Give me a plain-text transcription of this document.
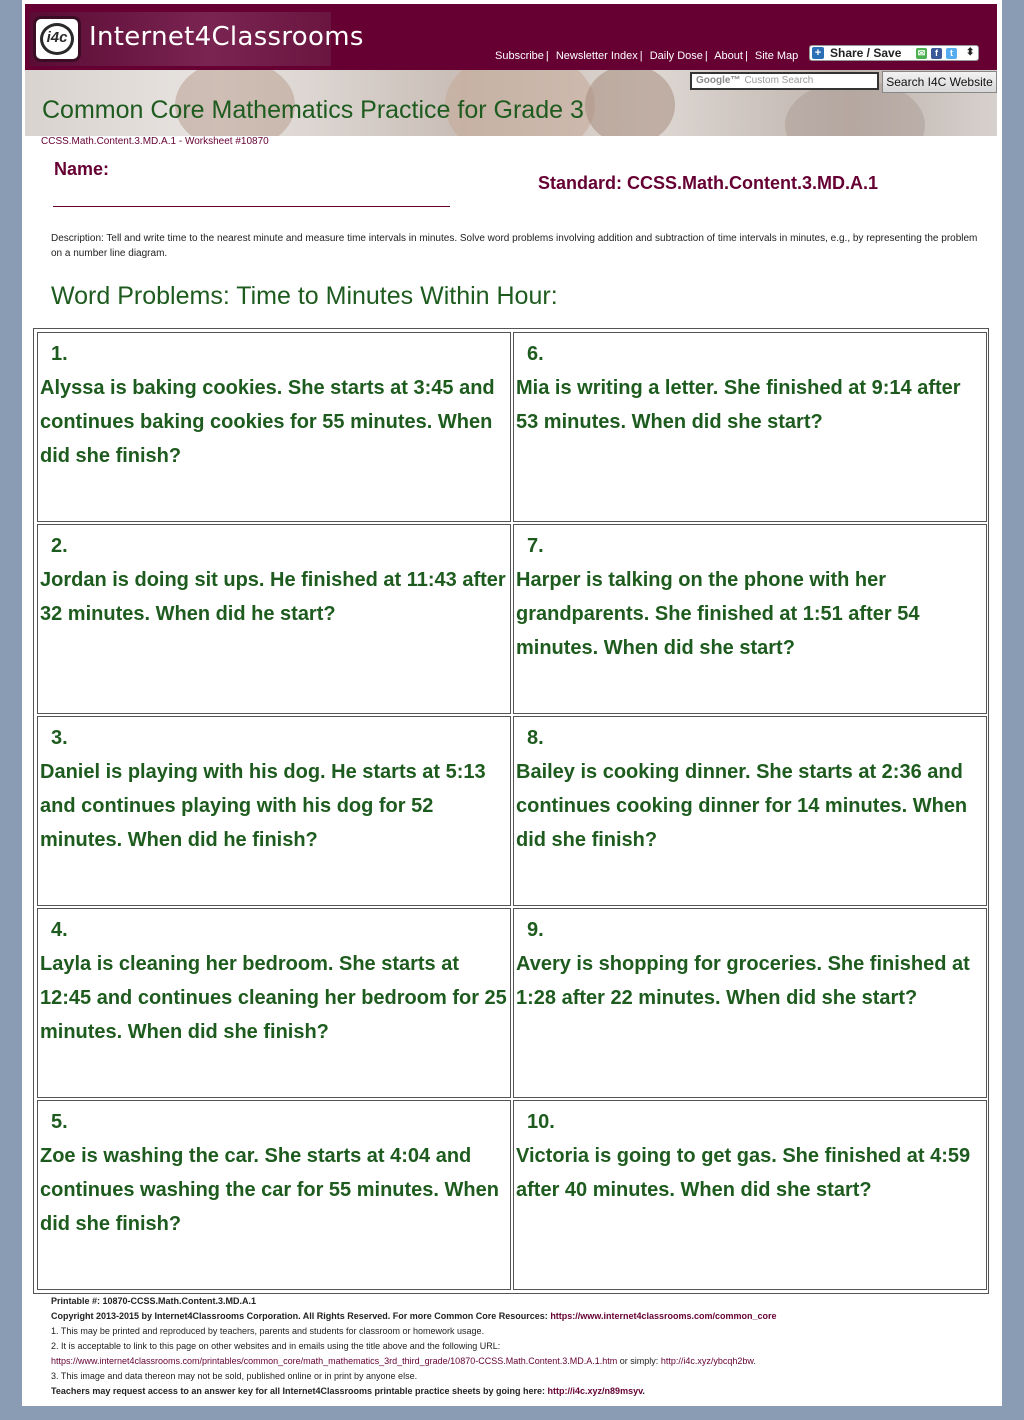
i4c Internet4Classrooms
Subscribe | Newsletter Index | Daily Dose | About | Site Map + Share / Save ✉	f	t	⬍
Google™ Custom Search	Search I4C Website
Common Core Mathematics Practice for Grade 3
CCSS.Math.Content.3.MD.A.1 - Worksheet #10870
Name:
Standard: CCSS.Math.Content.3.MD.A.1
Description: Tell and write time to the nearest minute and measure time intervals in minutes. Solve word problems involving addition and subtraction of time intervals in minutes, e.g., by representing the problem on a number line diagram.
Word Problems: Time to Minutes Within Hour:
1.
Alyssa is baking cookies. She starts at 3:45 and continues baking cookies for 55 minutes. When did she finish?
2.
Jordan is doing sit ups. He finished at 11:43 after 32 minutes. When did he start?
3.
Daniel is playing with his dog. He starts at 5:13 and continues playing with his dog for 52 minutes. When did he finish?
4.
Layla is cleaning her bedroom. She starts at 12:45 and continues cleaning her bedroom for 25 minutes. When did she finish?
5.
Zoe is washing the car. She starts at 4:04 and continues washing the car for 55 minutes. When did she finish?
6.
Mia is writing a letter. She finished at 9:14 after 53 minutes. When did she start?
7.
Harper is talking on the phone with her grandparents. She finished at 1:51 after 54 minutes. When did she start?
8.
Bailey is cooking dinner. She starts at 2:36 and continues cooking dinner for 14 minutes. When did she finish?
9.
Avery is shopping for groceries. She finished at 1:28 after 22 minutes. When did she start?
10.
Victoria is going to get gas. She finished at 4:59 after 40 minutes. When did she start?
Printable #: 10870-CCSS.Math.Content.3.MD.A.1
Copyright 2013-2015 by Internet4Classrooms Corporation. All Rights Reserved. For more Common Core Resources: https://www.internet4classrooms.com/common_core
1. This may be printed and reproduced by teachers, parents and students for classroom or homework usage.
2. It is acceptable to link to this page on other websites and in emails using the title above and the following URL:
https://www.internet4classrooms.com/printables/common_core/math_mathematics_3rd_third_grade/10870-CCSS.Math.Content.3.MD.A.1.htm or simply: http://i4c.xyz/ybcqh2bw.
3. This image and data thereon may not be sold, published online or in print by anyone else.
Teachers may request access to an answer key for all Internet4Classrooms printable practice sheets by going here: http://i4c.xyz/n89msyv.
